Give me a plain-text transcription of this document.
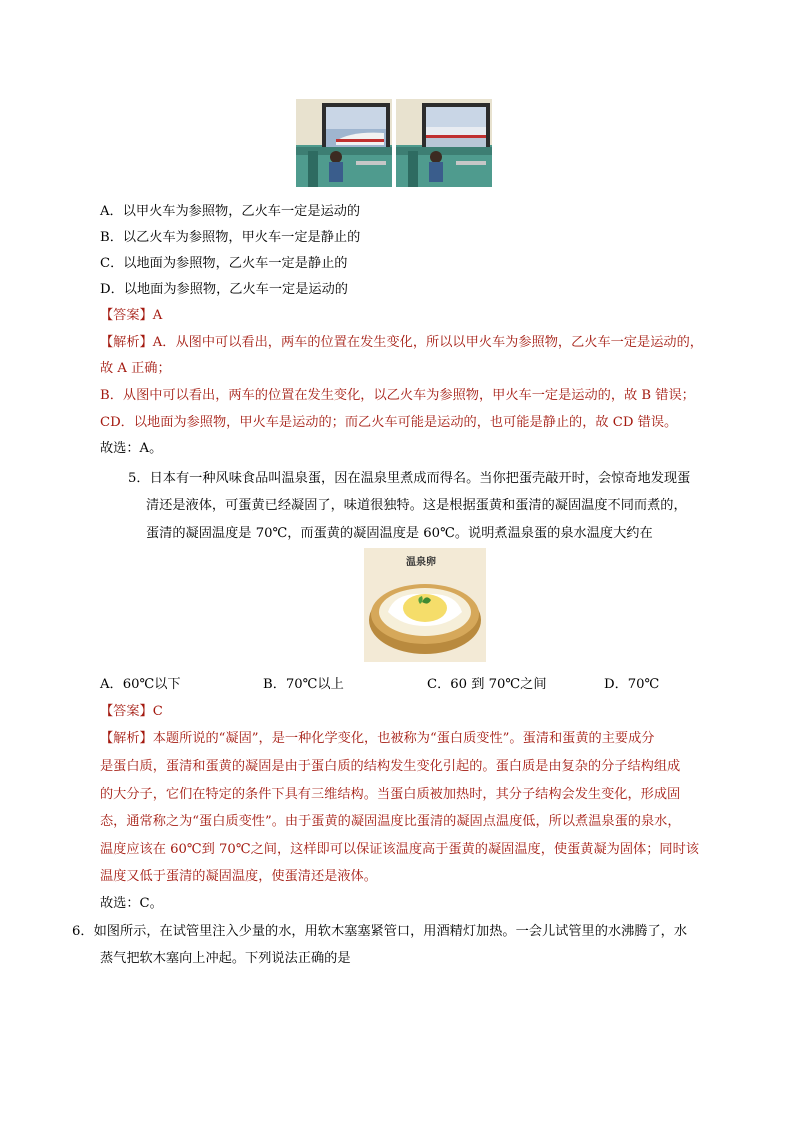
A．以甲火车为参照物，乙火车一定是运动的
B．以乙火车为参照物，甲火车一定是静止的
C．以地面为参照物，乙火车一定是静止的
D．以地面为参照物，乙火车一定是运动的
【答案】A
【解析】A．从图中可以看出，两车的位置在发生变化，所以以甲火车为参照物，乙火车一定是运动的，
故 A 正确；
B．从图中可以看出，两车的位置在发生变化，以乙火车为参照物，甲火车一定是运动的，故 B 错误；
CD．以地面为参照物，甲火车是运动的；而乙火车可能是运动的，也可能是静止的，故 CD 错误。
故选：A。
5．日本有一种风味食品叫温泉蛋，因在温泉里煮成而得名。当你把蛋壳敲开时，会惊奇地发现蛋
清还是液体，可蛋黄已经凝固了，味道很独特。这是根据蛋黄和蛋清的凝固温度不同而煮的，
蛋清的凝固温度是 70℃，而蛋黄的凝固温度是 60℃。说明煮温泉蛋的泉水温度大约在
温泉卵
A．60℃以下	B．70℃以上	C．60 到 70℃之间	D．70℃
【答案】C
【解析】本题所说的“凝固”，是一种化学变化，也被称为“蛋白质变性”。蛋清和蛋黄的主要成分
是蛋白质，蛋清和蛋黄的凝固是由于蛋白质的结构发生变化引起的。蛋白质是由复杂的分子结构组成
的大分子，它们在特定的条件下具有三维结构。当蛋白质被加热时，其分子结构会发生变化，形成固
态，通常称之为“蛋白质变性”。由于蛋黄的凝固温度比蛋清的凝固点温度低，所以煮温泉蛋的泉水，
温度应该在 60℃到 70℃之间，这样即可以保证该温度高于蛋黄的凝固温度，使蛋黄凝为固体；同时该
温度又低于蛋清的凝固温度，使蛋清还是液体。
故选：C。
6．如图所示，在试管里注入少量的水，用软木塞塞紧管口，用酒精灯加热。一会儿试管里的水沸腾了，水
蒸气把软木塞向上冲起。下列说法正确的是
